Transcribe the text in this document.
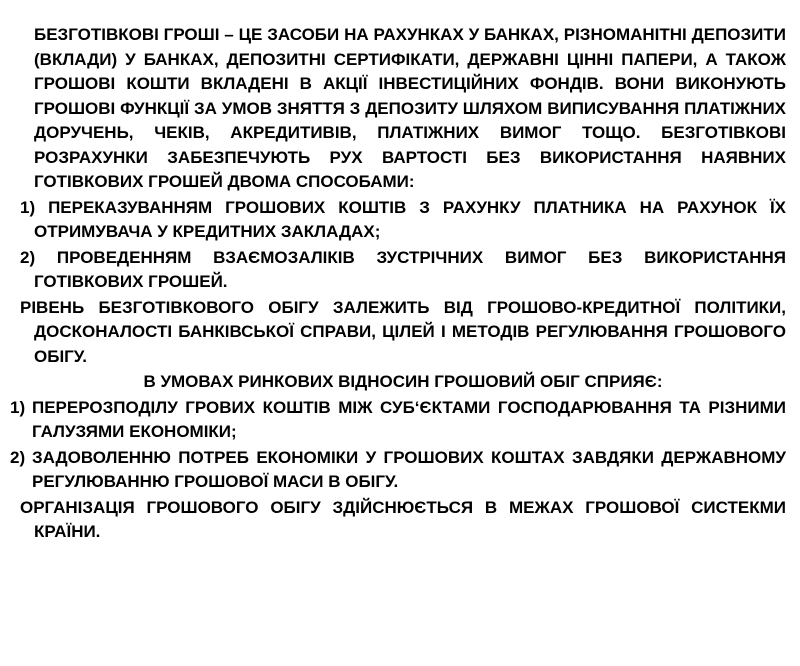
БЕЗГОТІВКОВІ ГРОШІ – ЦЕ ЗАСОБИ НА РАХУНКАХ У БАНКАХ, РІЗНОМАНІТНІ ДЕПОЗИТИ (ВКЛАДИ) У БАНКАХ, ДЕПОЗИТНІ СЕРТИФІКАТИ, ДЕРЖАВНІ ЦІННІ ПАПЕРИ, А ТАКОЖ ГРОШОВІ КОШТИ ВКЛАДЕНІ В АКЦІЇ ІНВЕСТИЦІЙНИХ ФОНДІВ. ВОНИ ВИКОНУЮТЬ ГРОШОВІ ФУНКЦІЇ ЗА УМОВ ЗНЯТТЯ З ДЕПОЗИТУ ШЛЯХОМ ВИПИСУВАННЯ ПЛАТІЖНИХ ДОРУЧЕНЬ, ЧЕКІВ, АКРЕДИТИВІВ, ПЛАТІЖНИХ ВИМОГ ТОЩО. БЕЗГОТІВКОВІ РОЗРАХУНКИ ЗАБЕЗПЕЧУЮТЬ РУХ ВАРТОСТІ БЕЗ ВИКОРИСТАННЯ НАЯВНИХ ГОТІВКОВИХ ГРОШЕЙ ДВОМА СПОСОБАМИ:

1) ПЕРЕКАЗУВАННЯМ ГРОШОВИХ КОШТІВ З РАХУНКУ ПЛАТНИКА НА РАХУНОК ЇХ ОТРИМУВАЧА У КРЕДИТНИХ ЗАКЛАДАХ;

2) ПРОВЕДЕННЯМ ВЗАЄМОЗАЛІКІВ ЗУСТРІЧНИХ ВИМОГ БЕЗ ВИКОРИСТАННЯ ГОТІВКОВИХ ГРОШЕЙ.

РІВЕНЬ БЕЗГОТІВКОВОГО ОБІГУ ЗАЛЕЖИТЬ ВІД ГРОШОВО-КРЕДИТНОЇ ПОЛІТИКИ, ДОСКОНАЛОСТІ БАНКІВСЬКОЇ СПРАВИ, ЦІЛЕЙ І МЕТОДІВ РЕГУЛЮВАННЯ ГРОШОВОГО ОБІГУ.

В УМОВАХ РИНКОВИХ ВІДНОСИН ГРОШОВИЙ ОБІГ СПРИЯЄ:

1) ПЕРЕРОЗПОДІЛУ ГРОВИХ КОШТІВ МІЖ СУБ‘ЄКТАМИ ГОСПОДАРЮВАННЯ ТА РІЗНИМИ ГАЛУЗЯМИ ЕКОНОМІКИ;
2) ЗАДОВОЛЕННЮ ПОТРЕБ ЕКОНОМІКИ У ГРОШОВИХ КОШТАХ ЗАВДЯКИ ДЕРЖАВНОМУ РЕГУЛЮВАННЮ ГРОШОВОЇ МАСИ В ОБІГУ.

ОРГАНІЗАЦІЯ ГРОШОВОГО ОБІГУ ЗДІЙСНЮЄТЬСЯ В МЕЖАХ ГРОШОВОЇ СИСТЕКМИ КРАЇНИ.
